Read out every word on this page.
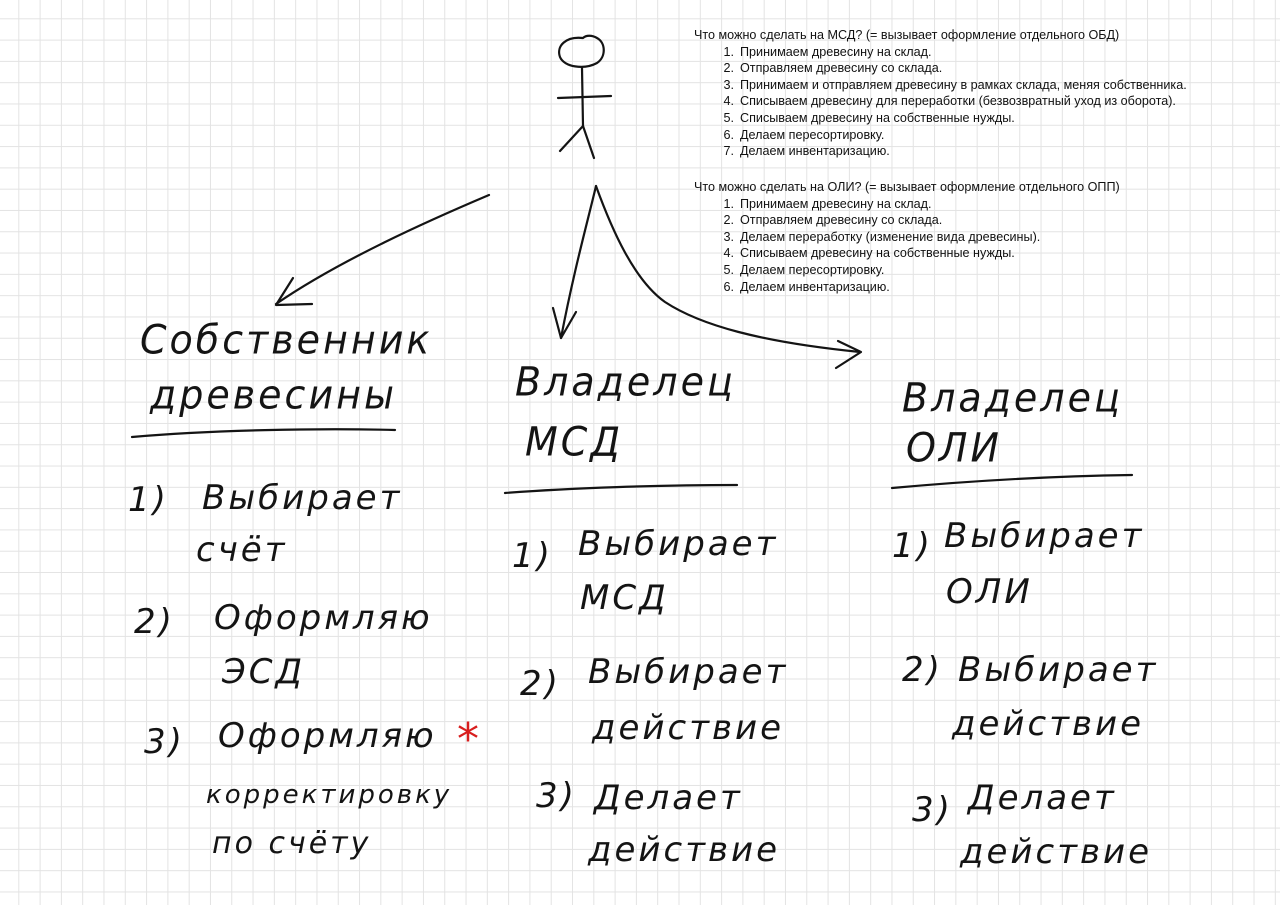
Что можно сделать на МСД? (= вызывает оформление отдельного ОБД)
1. Принимаем древесину на склад.
2. Отправляем древесину со склада.
3. Принимаем и отправляем древесину в рамках склада, меняя собственника.
4. Списываем древесину для переработки (безвозвратный уход из оборота).
5. Списываем древесину на собственные нужды.
6. Делаем пересортировку.
7. Делаем инвентаризацию.
Что можно сделать на ОЛИ? (= вызывает оформление отдельного ОПП)
1. Принимаем древесину на склад.
2. Отправляем древесину со склада.
3. Делаем переработку (изменение вида древесины).
4. Списываем древесину на собственные нужды.
5. Делаем пересортировку.
6. Делаем инвентаризацию.
Собственник
древесины
1) Выбирает
счёт
2) Оформляю
ЭСД
3) Оформляю *
корректировку
по счёту
Владелец
МСД
1) Выбирает
МСД
2) Выбирает
действие
3) Делает
действие
Владелец
ОЛИ
1) Выбирает
ОЛИ
2) Выбирает
действие
3) Делает
действие
